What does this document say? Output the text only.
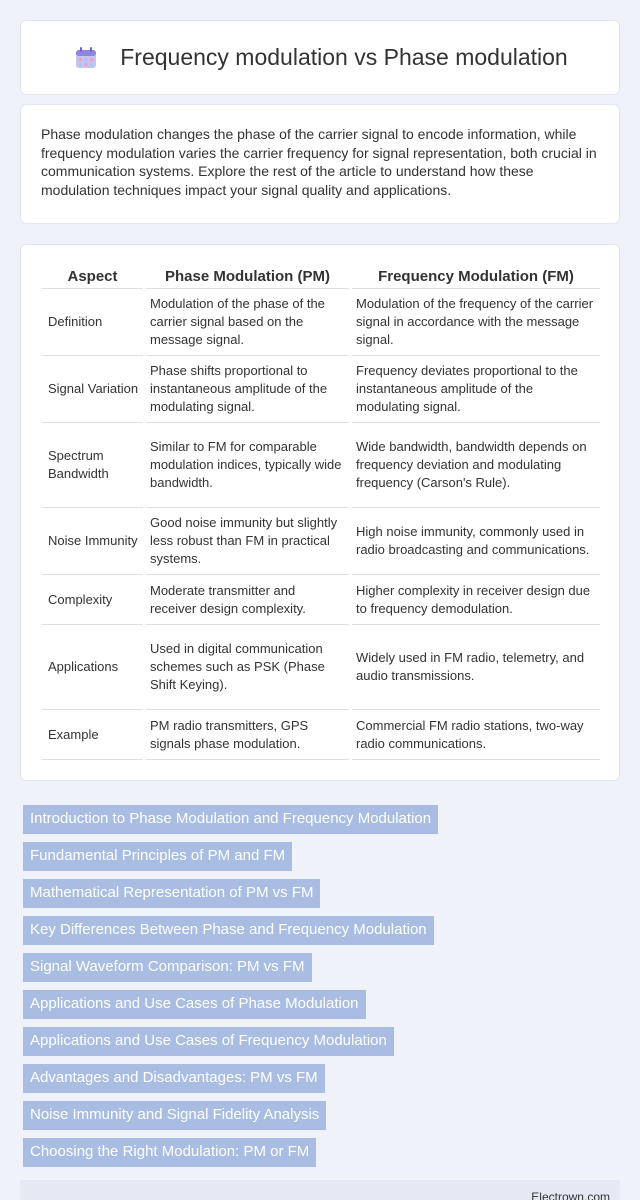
Frequency modulation vs Phase modulation

Phase modulation changes the phase of the carrier signal to encode information, while frequency modulation varies the carrier frequency for signal representation, both crucial in communication systems. Explore the rest of the article to understand how these modulation techniques impact your signal quality and applications.

Aspect	Phase Modulation (PM)	Frequency Modulation (FM)
Definition	Modulation of the phase of the carrier signal based on the message signal.	Modulation of the frequency of the carrier signal in accordance with the message signal.
Signal Variation	Phase shifts proportional to instantaneous amplitude of the modulating signal.	Frequency deviates proportional to the instantaneous amplitude of the modulating signal.
Spectrum Bandwidth	Similar to FM for comparable modulation indices, typically wide bandwidth.	Wide bandwidth, bandwidth depends on frequency deviation and modulating frequency (Carson's Rule).
Noise Immunity	Good noise immunity but slightly less robust than FM in practical systems.	High noise immunity, commonly used in radio broadcasting and communications.
Complexity	Moderate transmitter and receiver design complexity.	Higher complexity in receiver design due to frequency demodulation.
Applications	Used in digital communication schemes such as PSK (Phase Shift Keying).	Widely used in FM radio, telemetry, and audio transmissions.
Example	PM radio transmitters, GPS signals phase modulation.	Commercial FM radio stations, two-way radio communications.
Introduction to Phase Modulation and Frequency Modulation
Fundamental Principles of PM and FM
Mathematical Representation of PM vs FM
Key Differences Between Phase and Frequency Modulation
Signal Waveform Comparison: PM vs FM
Applications and Use Cases of Phase Modulation
Applications and Use Cases of Frequency Modulation
Advantages and Disadvantages: PM vs FM
Noise Immunity and Signal Fidelity Analysis
Choosing the Right Modulation: PM or FM
Electrown.com
